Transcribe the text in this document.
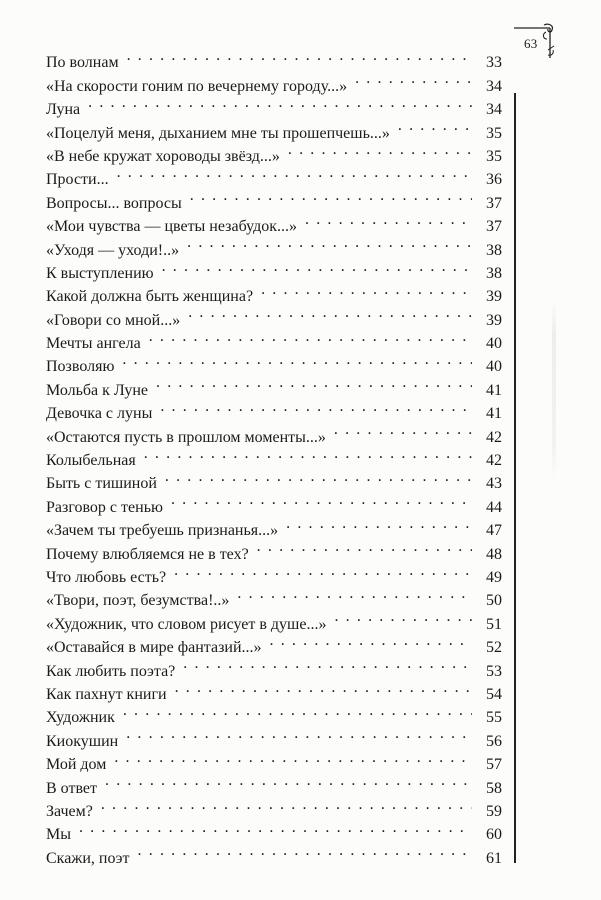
63
По волнам . . .	33
«На скорости гоним по вечернему городу...» . . .	34
Луна . . .	34
«Поцелуй меня, дыханием мне ты прошепчешь...» . . .	35
«В небе кружат хороводы звёзд...» . . .	35
Прости... . . .	36
Вопросы... вопросы . . .	37
«Мои чувства — цветы незабудок...» . . .	37
«Уходя — уходи!..» . . .	38
К выступлению . . .	38
Какой должна быть женщина? . . .	39
«Говори со мной...» . . .	39
Мечты ангела . . .	40
Позволяю . . .	40
Мольба к Луне . . .	41
Девочка с луны . . .	41
«Остаются пусть в прошлом моменты...» . . .	42
Колыбельная . . .	42
Быть с тишиной . . .	43
Разговор с тенью . . .	44
«Зачем ты требуешь признанья...» . . .	47
Почему влюбляемся не в тех? . . .	48
Что любовь есть? . . .	49
«Твори, поэт, безумства!..» . . .	50
«Художник, что словом рисует в душе...» . . .	51
«Оставайся в мире фантазий...» . . .	52
Как любить поэта? . . .	53
Как пахнут книги . . .	54
Художник . . .	55
Киокушин . . .	56
Мой дом . . .	57
В ответ . . .	58
Зачем? . . .	59
Мы . . .	60
Скажи, поэт . . .	61
